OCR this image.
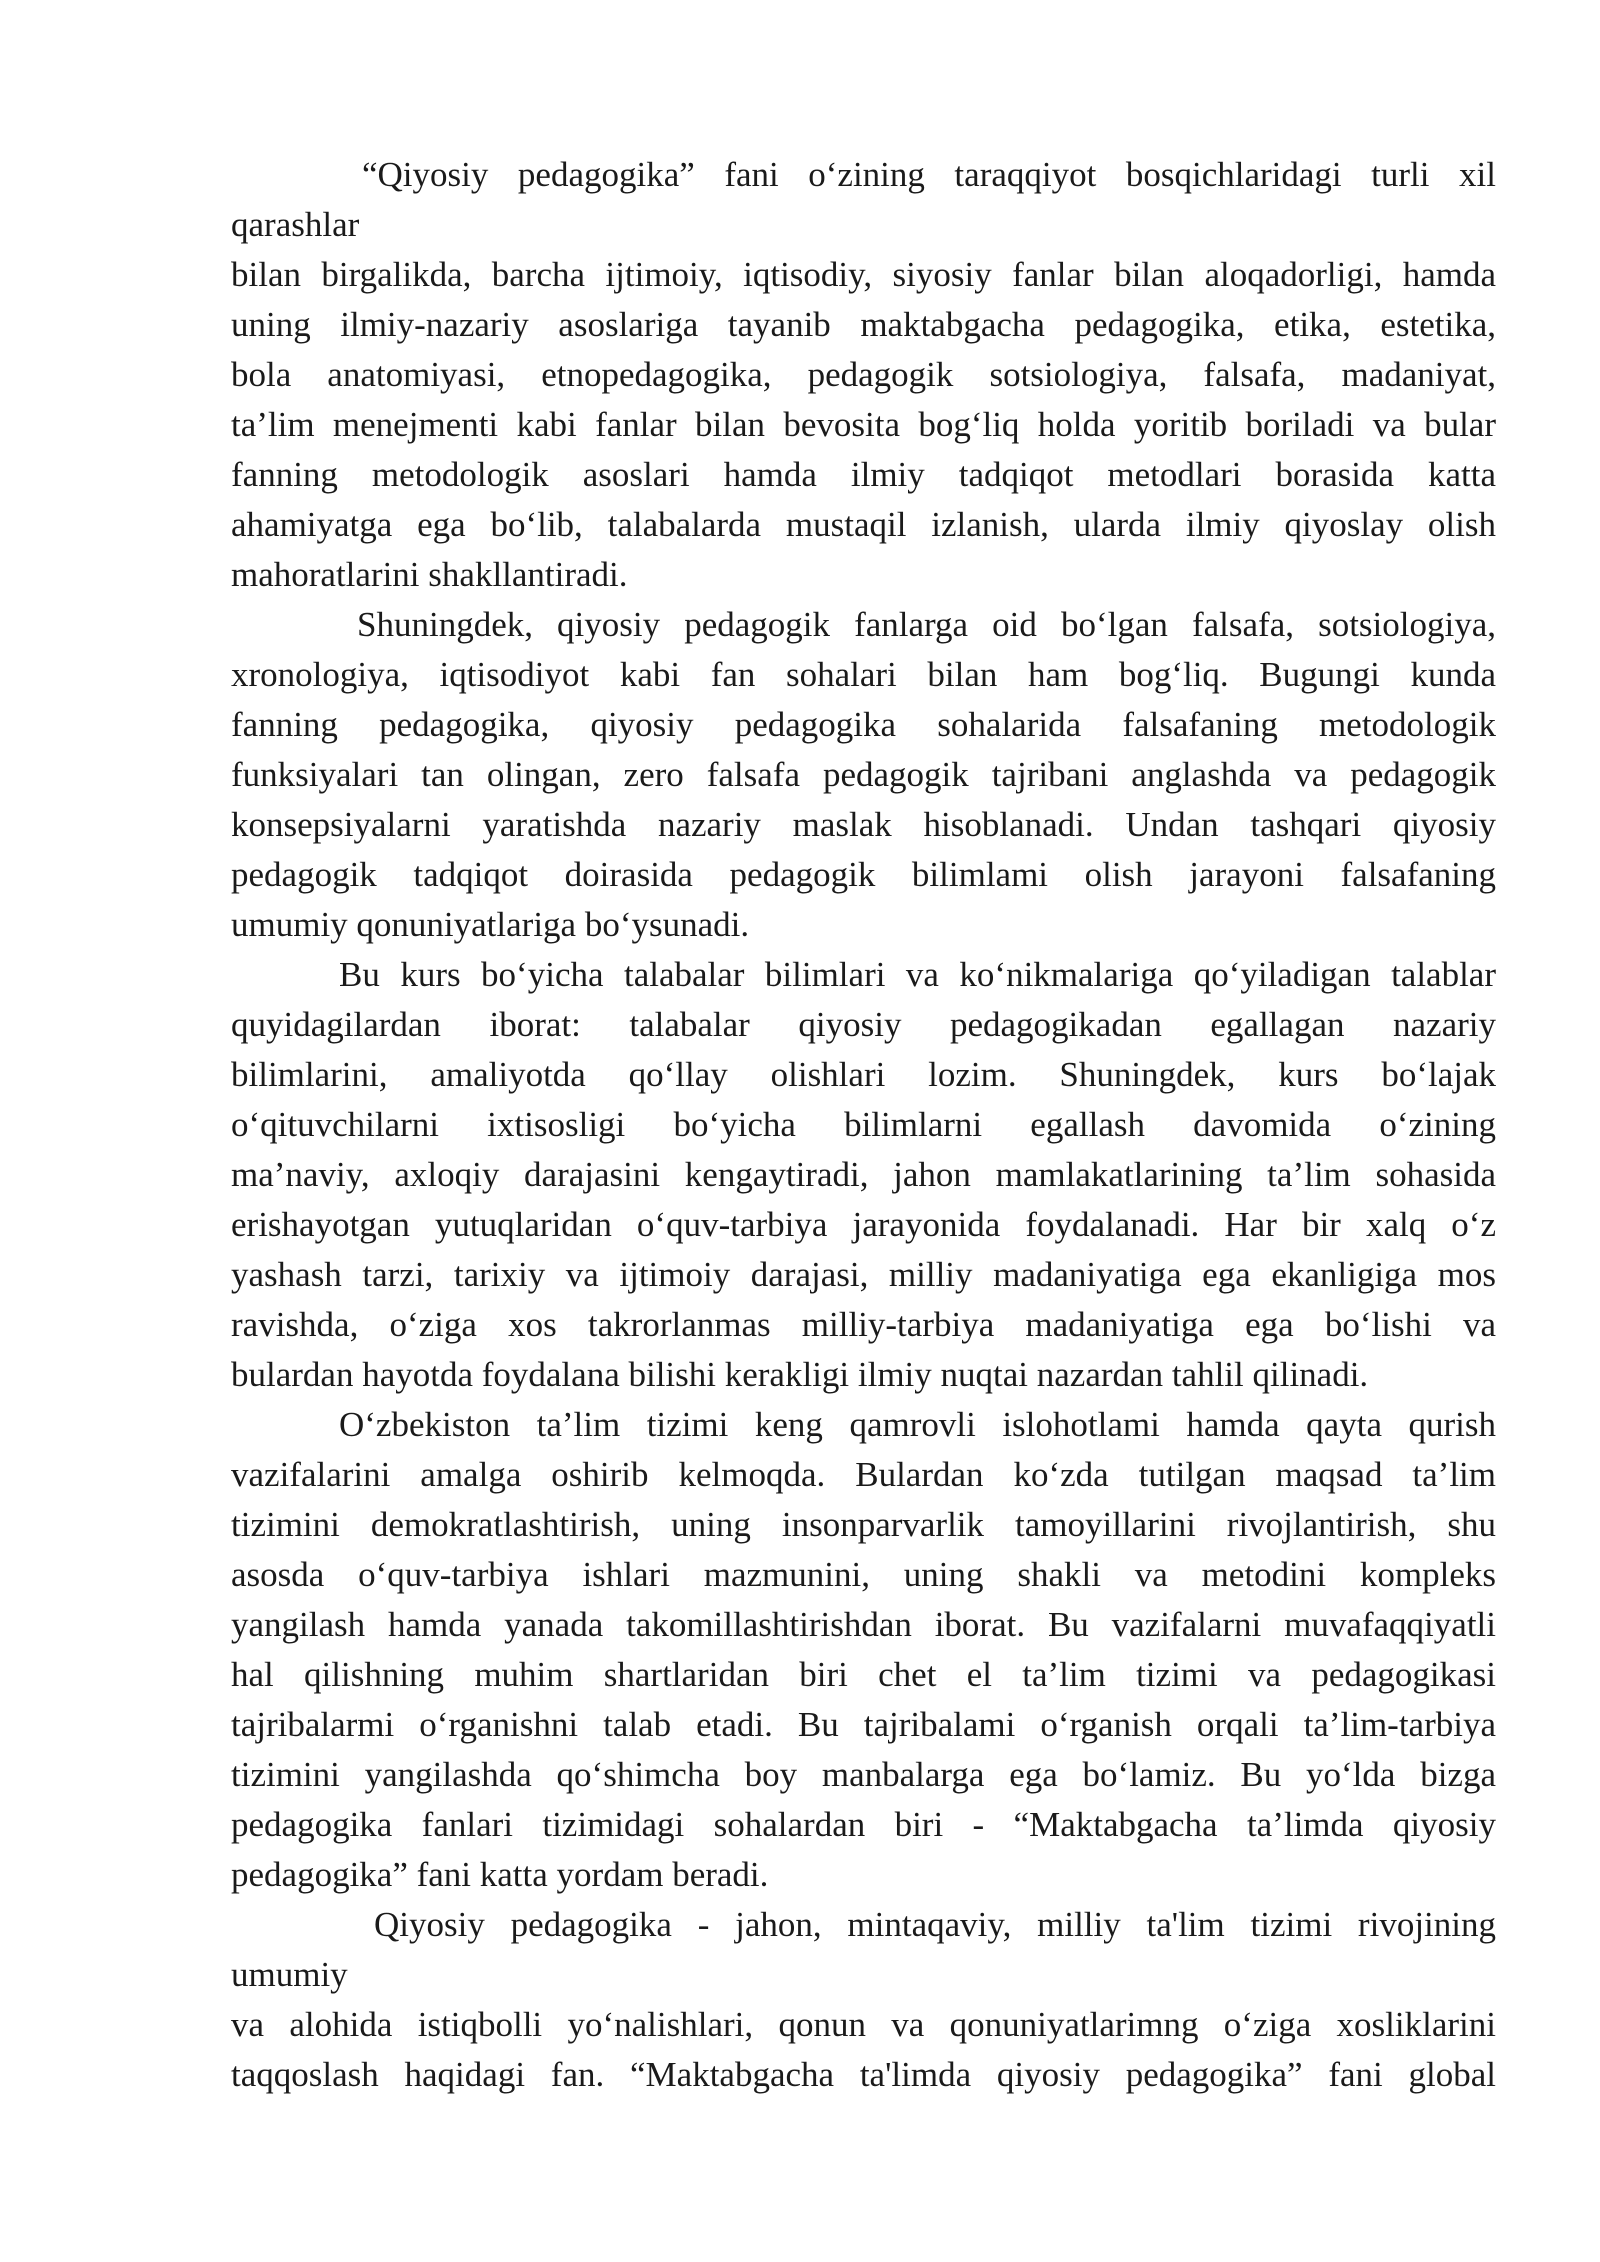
“Qiyosiy pedagogika” fani o‘zining taraqqiyot bosqichlaridagi turli xil
qarashlar
bilan birgalikda, barcha ijtimoiy, iqtisodiy, siyosiy fanlar bilan aloqadorligi, hamda
uning ilmiy-nazariy asoslariga tayanib maktabgacha pedagogika, etika, estetika,
bola anatomiyasi, etnopedagogika, pedagogik sotsiologiya, falsafa, madaniyat,
ta’lim menejmenti kabi fanlar bilan bevosita bog‘liq holda yoritib boriladi va bular
fanning metodologik asoslari hamda ilmiy tadqiqot metodlari borasida katta
ahamiyatga ega bo‘lib, talabalarda mustaqil izlanish, ularda ilmiy qiyoslay olish
mahoratlarini shakllantiradi.
Shuningdek, qiyosiy pedagogik fanlarga oid bo‘lgan falsafa, sotsiologiya,
xronologiya, iqtisodiyot kabi fan sohalari bilan ham bog‘liq. Bugungi kunda
fanning pedagogika, qiyosiy pedagogika sohalarida falsafaning metodologik
funksiyalari tan olingan, zero falsafa pedagogik tajribani anglashda va pedagogik
konsepsiyalarni yaratishda nazariy maslak hisoblanadi. Undan tashqari qiyosiy
pedagogik tadqiqot doirasida pedagogik bilimlami olish jarayoni falsafaning
umumiy qonuniyatlariga bo‘ysunadi.
Bu kurs bo‘yicha talabalar bilimlari va ko‘nikmalariga qo‘yiladigan talablar
quyidagilardan iborat: talabalar qiyosiy pedagogikadan egallagan nazariy
bilimlarini, amaliyotda qo‘llay olishlari lozim. Shuningdek, kurs bo‘lajak
o‘qituvchilarni ixtisosligi bo‘yicha bilimlarni egallash davomida o‘zining
ma’naviy, axloqiy darajasini kengaytiradi, jahon mamlakatlarining ta’lim sohasida
erishayotgan yutuqlaridan o‘quv-tarbiya jarayonida foydalanadi. Har bir xalq o‘z
yashash tarzi, tarixiy va ijtimoiy darajasi, milliy madaniyatiga ega ekanligiga mos
ravishda, o‘ziga xos takrorlanmas milliy-tarbiya madaniyatiga ega bo‘lishi va
bulardan hayotda foydalana bilishi kerakligi ilmiy nuqtai nazardan tahlil qilinadi.
O‘zbekiston ta’lim tizimi keng qamrovli islohotlami hamda qayta qurish
vazifalarini amalga oshirib kelmoqda. Bulardan ko‘zda tutilgan maqsad ta’lim
tizimini demokratlashtirish, uning insonparvarlik tamoyillarini rivojlantirish, shu
asosda o‘quv-tarbiya ishlari mazmunini, uning shakli va metodini kompleks
yangilash hamda yanada takomillashtirishdan iborat. Bu vazifalarni muvafaqqiyatli
hal qilishning muhim shartlaridan biri chet el ta’lim tizimi va pedagogikasi
tajribalarmi o‘rganishni talab etadi. Bu tajribalami o‘rganish orqali ta’lim-tarbiya
tizimini yangilashda qo‘shimcha boy manbalarga ega bo‘lamiz. Bu yo‘lda bizga
pedagogika fanlari tizimidagi sohalardan biri - “Maktabgacha ta’limda qiyosiy
pedagogika” fani katta yordam beradi.
Qiyosiy pedagogika - jahon, mintaqaviy, milliy ta'lim tizimi rivojining
umumiy
va alohida istiqbolli yo‘nalishlari, qonun va qonuniyatlarimng o‘ziga xosliklarini
taqqoslash haqidagi fan. “Maktabgacha ta'limda qiyosiy pedagogika” fani global
